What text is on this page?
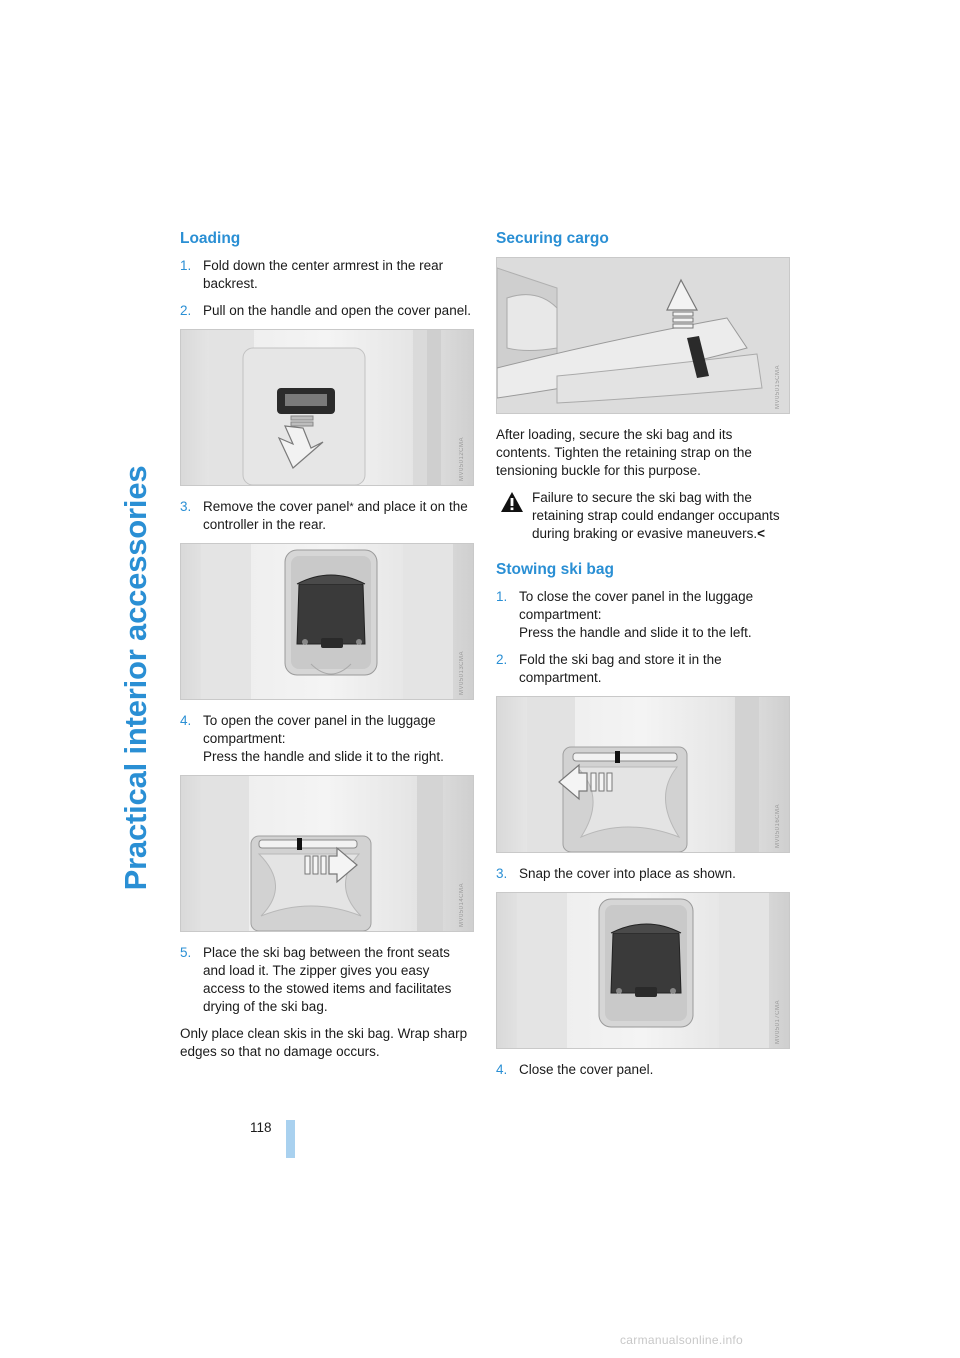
Practical interior accessories
Loading
1. Fold down the center armrest in the rear backrest.
2. Pull on the handle and open the cover panel.
MV05012CMA
3. Remove the cover panel* and place it on the controller in the rear.
MV05013CMA
4. To open the cover panel in the luggage compartment:
Press the handle and slide it to the right.
MV05014CMA
5. Place the ski bag between the front seats and load it. The zipper gives you easy access to the stowed items and facilitates drying of the ski bag.

Only place clean skis in the ski bag. Wrap sharp edges so that no damage occurs.

Securing cargo
MV05015CMA

After loading, secure the ski bag and its contents. Tighten the retaining strap on the tensioning buckle for this purpose.

Failure to secure the ski bag with the retaining strap could endanger occupants during braking or evasive maneuvers.<

Stowing ski bag
1. To close the cover panel in the luggage compartment:
Press the handle and slide it to the left.
2. Fold the ski bag and store it in the compartment.
MV05016CMA
3. Snap the cover into place as shown.
MV05017CMA
4. Close the cover panel.
118
carmanualsonline.info
